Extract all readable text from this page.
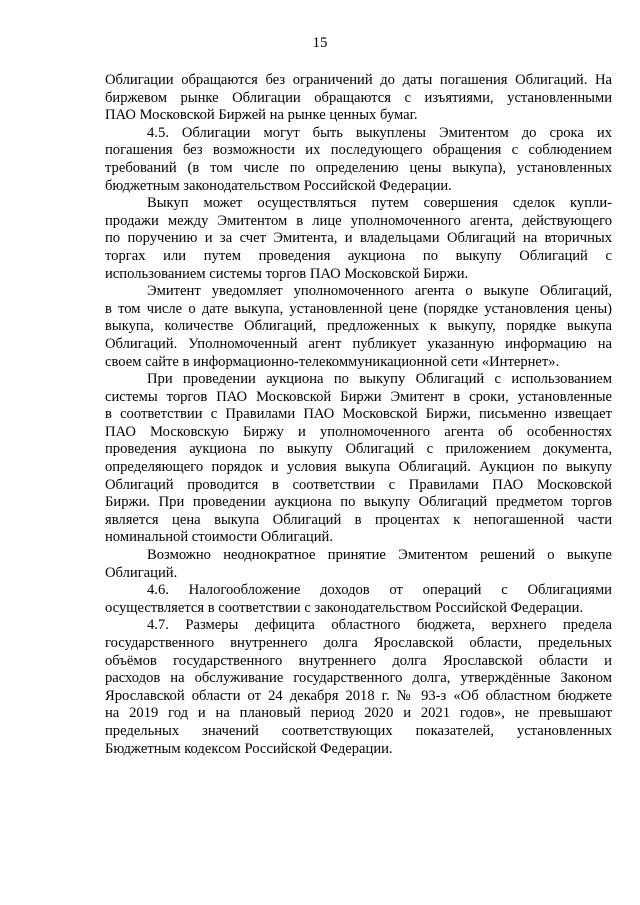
15
Облигации обращаются без ограничений до даты погашения Облигаций. На
биржевом рынке Облигации обращаются с изъятиями, установленными
ПАО Московской Биржей на рынке ценных бумаг.
4.5. Облигации могут быть выкуплены Эмитентом до срока их
погашения без возможности их последующего обращения с соблюдением
требований (в том числе по определению цены выкупа), установленных
бюджетным законодательством Российской Федерации.
Выкуп может осуществляться путем совершения сделок купли-
продажи между Эмитентом в лице уполномоченного агента, действующего
по поручению и за счет Эмитента, и владельцами Облигаций на вторичных
торгах или путем проведения аукциона по выкупу Облигаций с
использованием системы торгов ПАО Московской Биржи.
Эмитент уведомляет уполномоченного агента о выкупе Облигаций,
в том числе о дате выкупа, установленной цене (порядке установления цены)
выкупа, количестве Облигаций, предложенных к выкупу, порядке выкупа
Облигаций. Уполномоченный агент публикует указанную информацию на
своем сайте в информационно-телекоммуникационной сети «Интернет».
При проведении аукциона по выкупу Облигаций с использованием
системы торгов ПАО Московской Биржи Эмитент в сроки, установленные
в соответствии с Правилами ПАО Московской Биржи, письменно извещает
ПАО Московскую Биржу и уполномоченного агента об особенностях
проведения аукциона по выкупу Облигаций с приложением документа,
определяющего порядок и условия выкупа Облигаций. Аукцион по выкупу
Облигаций проводится в соответствии с Правилами ПАО Московской
Биржи. При проведении аукциона по выкупу Облигаций предметом торгов
является цена выкупа Облигаций в процентах к непогашенной части
номинальной стоимости Облигаций.
Возможно неоднократное принятие Эмитентом решений о выкупе
Облигаций.
4.6. Налогообложение доходов от операций с Облигациями
осуществляется в соответствии с законодательством Российской Федерации.
4.7. Размеры дефицита областного бюджета, верхнего предела
государственного внутреннего долга Ярославской области, предельных
объёмов государственного внутреннего долга Ярославской области и
расходов на обслуживание государственного долга, утверждённые Законом
Ярославской области от 24 декабря 2018 г. № 93-з «Об областном бюджете
на 2019 год и на плановый период 2020 и 2021 годов», не превышают
предельных значений соответствующих показателей, установленных
Бюджетным кодексом Российской Федерации.
